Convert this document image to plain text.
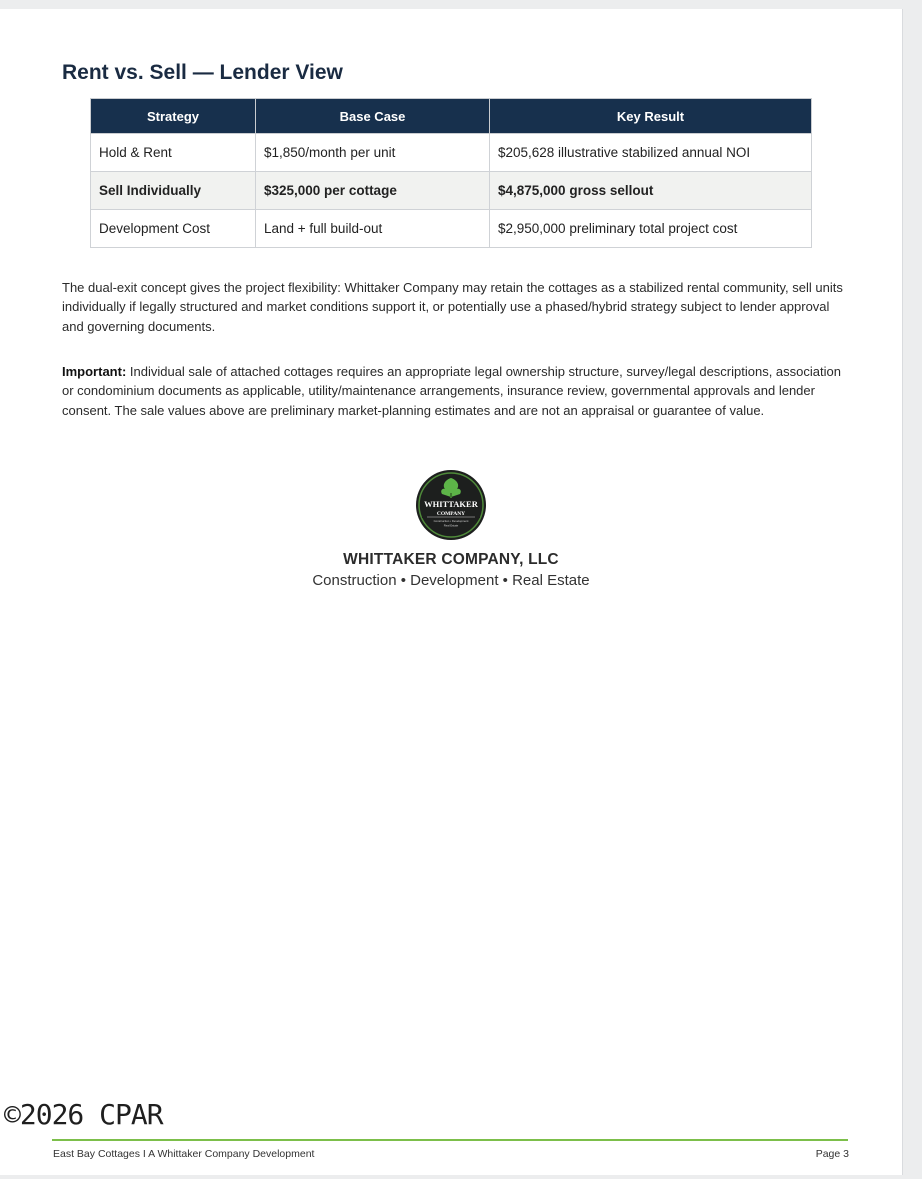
Rent vs. Sell — Lender View
Strategy	Base Case	Key Result
Hold & Rent	$1,850/month per unit	$205,628 illustrative stabilized annual NOI
Sell Individually	$325,000 per cottage	$4,875,000 gross sellout
Development Cost	Land + full build-out	$2,950,000 preliminary total project cost

The dual-exit concept gives the project flexibility: Whittaker Company may retain the cottages as a stabilized rental community, sell units individually if legally structured and market conditions support it, or potentially use a phased/hybrid strategy subject to lender approval and governing documents.

Important: Individual sale of attached cottages requires an appropriate legal ownership structure, survey/legal descriptions, association or condominium documents as applicable, utility/maintenance arrangements, insurance review, governmental approvals and lender consent. The sale values above are preliminary market-planning estimates and are not an appraisal or guarantee of value.

WHITTAKER
COMPANY
Construction • Development
Real Estate

WHITTAKER COMPANY, LLC

Construction • Development • Real Estate

East Bay Cottages I A Whittaker Company Development	Page 3

©2026 CPAR
